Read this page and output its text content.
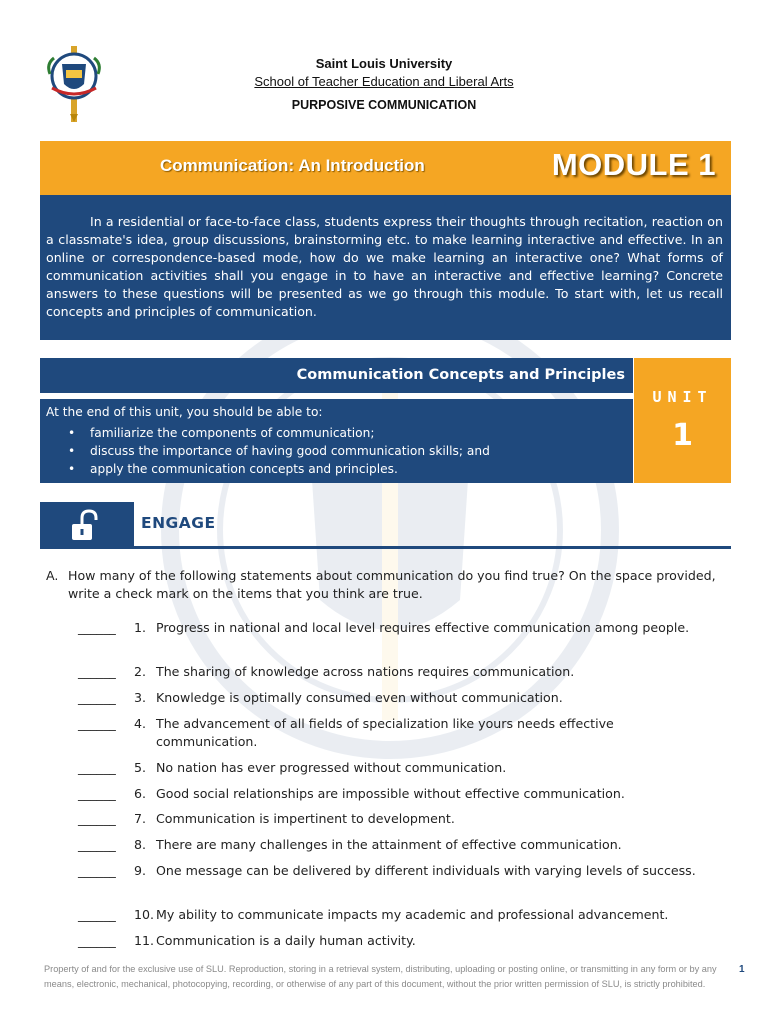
Saint Louis University
School of Teacher Education and Liberal Arts
PURPOSIVE COMMUNICATION
Communication: An Introduction	MODULE 1

In a residential or face-to-face class, students express their thoughts through recitation, reaction on a classmate's idea, group discussions, brainstorming etc. to make learning interactive and effective. In an online or correspondence-based mode, how do we make learning an interactive one? What forms of communication activities shall you engage in to have an interactive and effective learning? Concrete answers to these questions will be presented as we go through this module. To start with, let us recall concepts and principles of communication.

Communication Concepts and Principles
At the end of this unit, you should be able to:
• familiarize the components of communication;
• discuss the importance of having good communication skills; and
• apply the communication concepts and principles.
UNIT
1
ENGAGE
A. How many of the following statements about communication do you find true? On the space provided, write a check mark on the items that you think are true.
______ 1. Progress in national and local level requires effective communication among people.
______ 2. The sharing of knowledge across nations requires communication.
______ 3. Knowledge is optimally consumed even without communication.
______ 4. The advancement of all fields of specialization like yours needs effective communication.
______ 5. No nation has ever progressed without communication.
______ 6. Good social relationships are impossible without effective communication.
______ 7. Communication is impertinent to development.
______ 8. There are many challenges in the attainment of effective communication.
______ 9. One message can be delivered by different individuals with varying levels of success.
______ 10. My ability to communicate impacts my academic and professional advancement.
______ 11. Communication is a daily human activity.
Property of and for the exclusive use of SLU. Reproduction, storing in a retrieval system, distributing, uploading or posting online, or transmitting in any form or by any means, electronic, mechanical, photocopying, recording, or otherwise of any part of this document, without the prior written permission of SLU, is strictly prohibited.
1
